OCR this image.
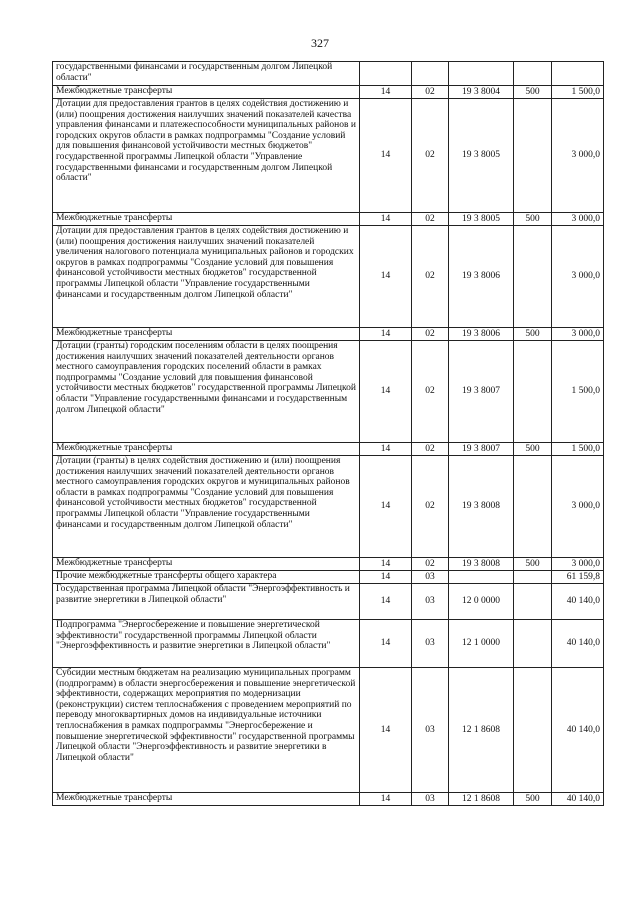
327
государственными финансами и государственным долгом Липецкой области"					
Межбюджетные трансферты	14	02	19 3 8004	500	1 500,0
Дотации для предоставления грантов в целях содействия достижению и (или) поощрения достижения наилучших значений показателей качества управления финансами и платежеспособности муниципальных районов и городских округов области в рамках подпрограммы "Создание условий для повышения финансовой устойчивости местных бюджетов" государственной программы Липецкой области "Управление государственными финансами и государственным долгом Липецкой области"	14	02	19 3 8005		3 000,0
Межбюджетные трансферты	14	02	19 3 8005	500	3 000,0
Дотации для предоставления грантов в целях содействия достижению и (или) поощрения достижения наилучших значений показателей увеличения налогового потенциала муниципальных районов и городских округов в рамках подпрограммы "Создание условий для повышения финансовой устойчивости местных бюджетов" государственной программы Липецкой области "Управление государственными финансами и государственным долгом Липецкой области"	14	02	19 3 8006		3 000,0
Межбюджетные трансферты	14	02	19 3 8006	500	3 000,0
Дотации (гранты) городским поселениям области в целях поощрения достижения наилучших значений показателей деятельности органов местного самоуправления городских поселений области в рамках подпрограммы "Создание условий для повышения финансовой устойчивости местных бюджетов" государственной программы Липецкой области "Управление государственными финансами и государственным долгом Липецкой области"	14	02	19 3 8007		1 500,0
Межбюджетные трансферты	14	02	19 3 8007	500	1 500,0
Дотации (гранты) в целях содействия достижению и (или) поощрения достижения наилучших значений показателей деятельности органов местного самоуправления городских округов и муниципальных районов области в рамках подпрограммы "Создание условий для повышения финансовой устойчивости местных бюджетов" государственной программы Липецкой области "Управление государственными финансами и государственным долгом Липецкой области"	14	02	19 3 8008		3 000,0
Межбюджетные трансферты	14	02	19 3 8008	500	3 000,0
Прочие межбюджетные трансферты общего характера	14	03			61 159,8
Государственная программа Липецкой области "Энергоэффективность и развитие энергетики в Липецкой области"	14	03	12 0 0000		40 140,0
Подпрограмма "Энергосбережение и повышение энергетической эффективности" государственной программы Липецкой области "Энергоэффективность и развитие энергетики в Липецкой области"	14	03	12 1 0000		40 140,0
Субсидии местным бюджетам на реализацию муниципальных программ (подпрограмм) в области энергосбережения и повышение энергетической эффективности, содержащих мероприятия по модернизации (реконструкции) систем теплоснабжения с проведением мероприятий по переводу многоквартирных домов на индивидуальные источники теплоснабжения в рамках подпрограммы "Энергосбережение и повышение энергетической эффективности" государственной программы Липецкой области "Энергоэффективность и развитие энергетики в Липецкой области"	14	03	12 1 8608		40 140,0
Межбюджетные трансферты	14	03	12 1 8608	500	40 140,0
